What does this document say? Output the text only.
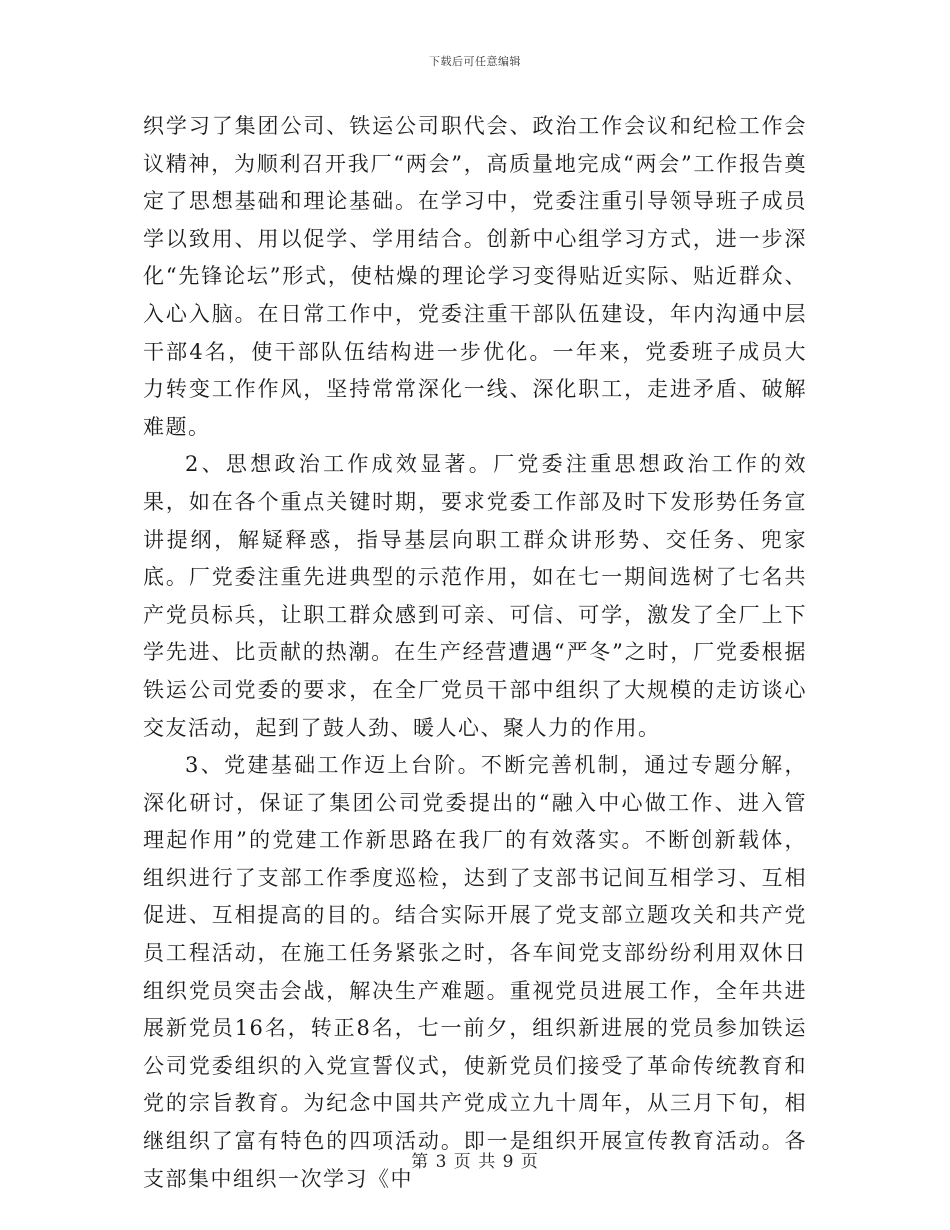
下载后可任意编辑

织学习了集团公司、铁运公司职代会、政治工作会议和纪检工作会议精神，为顺利召开我厂“两会”，高质量地完成“两会”工作报告奠定了思想基础和理论基础。在学习中，党委注重引导领导班子成员学以致用、用以促学、学用结合。创新中心组学习方式，进一步深化“先锋论坛”形式，使枯燥的理论学习变得贴近实际、贴近群众、入心入脑。在日常工作中，党委注重干部队伍建设，年内沟通中层干部4名，使干部队伍结构进一步优化。一年来，党委班子成员大力转变工作作风，坚持常常深化一线、深化职工，走进矛盾、破解难题。

2、思想政治工作成效显著。厂党委注重思想政治工作的效果，如在各个重点关键时期，要求党委工作部及时下发形势任务宣讲提纲，解疑释惑，指导基层向职工群众讲形势、交任务、兜家底。厂党委注重先进典型的示范作用，如在七一期间选树了七名共产党员标兵，让职工群众感到可亲、可信、可学，激发了全厂上下学先进、比贡献的热潮。在生产经营遭遇“严冬”之时，厂党委根据铁运公司党委的要求，在全厂党员干部中组织了大规模的走访谈心交友活动，起到了鼓人劲、暖人心、聚人力的作用。

3、党建基础工作迈上台阶。不断完善机制，通过专题分解，深化研讨，保证了集团公司党委提出的“融入中心做工作、进入管理起作用”的党建工作新思路在我厂的有效落实。不断创新载体，组织进行了支部工作季度巡检，达到了支部书记间互相学习、互相促进、互相提高的目的。结合实际开展了党支部立题攻关和共产党员工程活动，在施工任务紧张之时，各车间党支部纷纷利用双休日组织党员突击会战，解决生产难题。重视党员进展工作，全年共进展新党员16名，转正8名，七一前夕，组织新进展的党员参加铁运公司党委组织的入党宣誓仪式，使新党员们接受了革命传统教育和党的宗旨教育。为纪念中国共产党成立九十周年，从三月下旬，相继组织了富有特色的四项活动。即一是组织开展宣传教育活动。各支部集中组织一次学习《中

第 3 页 共 9 页
